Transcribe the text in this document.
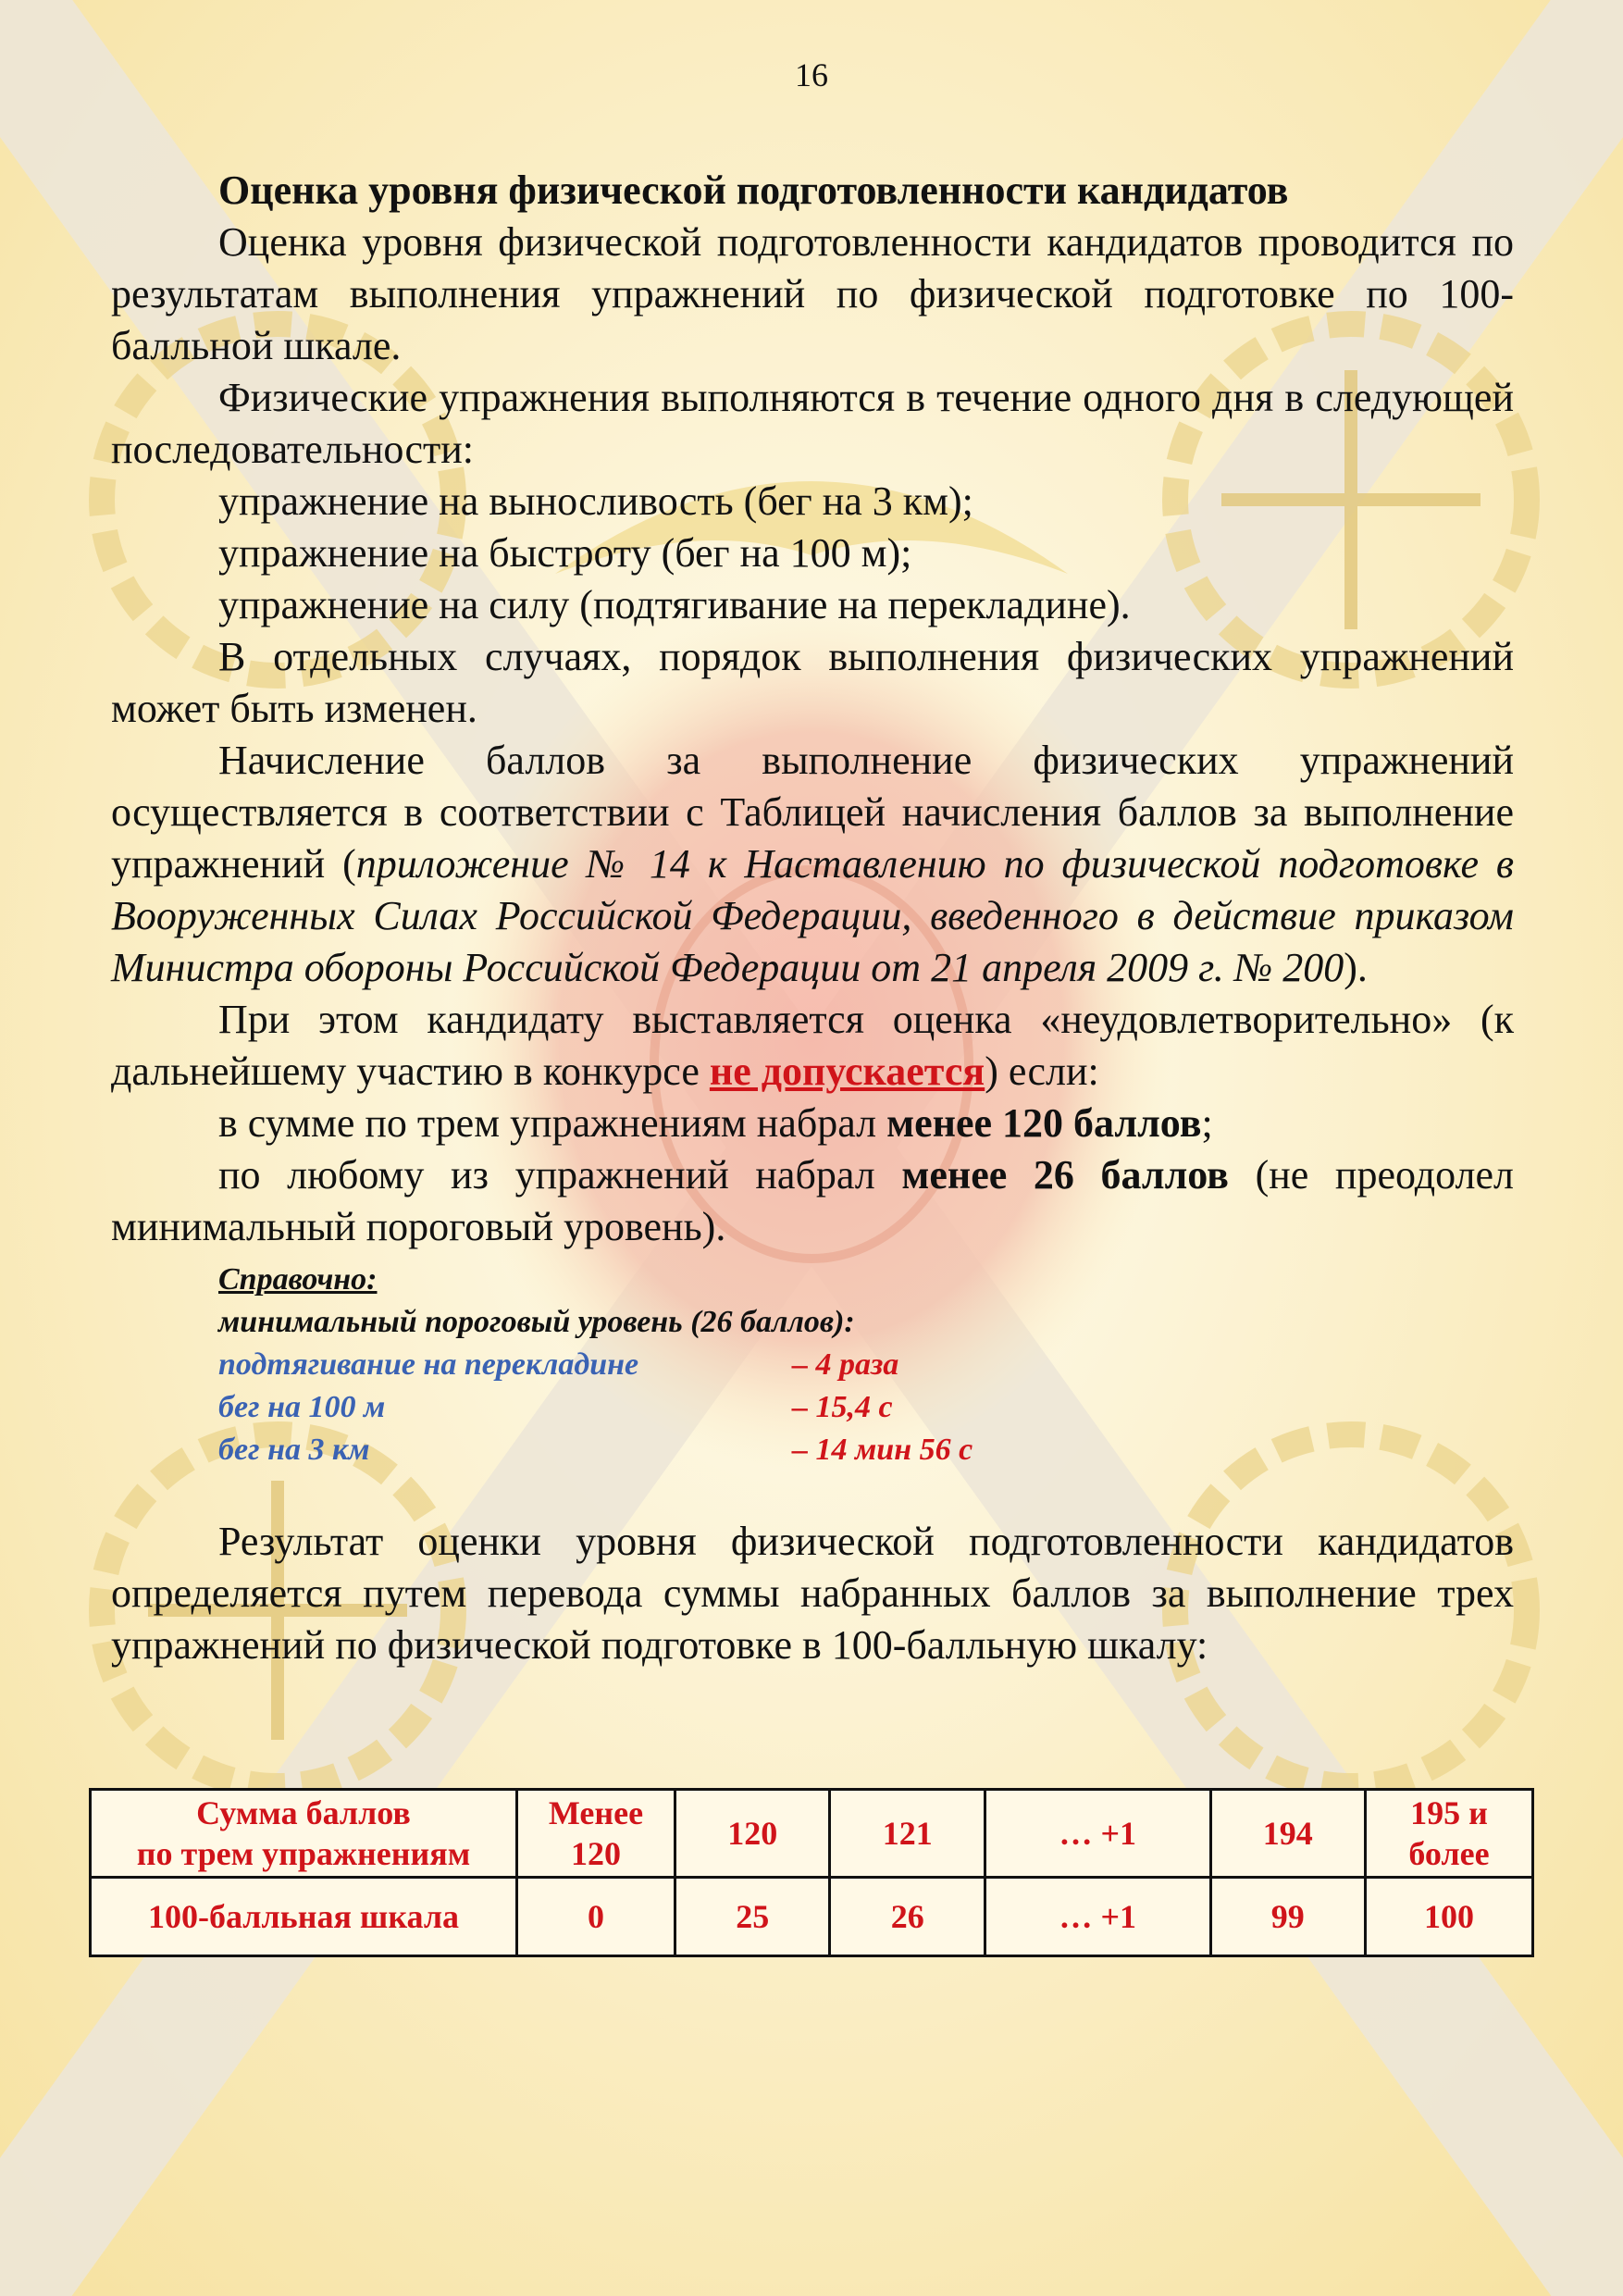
16

Оценка уровня физической подготовленности кандидатов

Оценка уровня физической подготовленности кандидатов проводится по результатам выполнения упражнений по физической подготовке по 100-балльной шкале.

Физические упражнения выполняются в течение одного дня в следующей последовательности:

упражнение на выносливость (бег на 3 км);

упражнение на быстроту (бег на 100 м);

упражнение на силу (подтягивание на перекладине).

В отдельных случаях, порядок выполнения физических упражнений может быть изменен.

Начисление баллов за выполнение физических упражнений осуществляется в соответствии с Таблицей начисления баллов за выполнение упражнений (приложение № 14 к Наставлению по физической подготовке в Вооруженных Силах Российской Федерации, введенного в действие приказом Министра обороны Российской Федерации от 21 апреля 2009 г. № 200).

При этом кандидату выставляется оценка «неудовлетворительно» (к дальнейшему участию в конкурсе не допускается) если:

в сумме по трем упражнениям набрал менее 120 баллов;

по любому из упражнений набрал менее 26 баллов (не преодолел минимальный пороговый уровень).

Справочно:
минимальный пороговый уровень (26 баллов):
подтягивание на перекладине	– 4 раза
бег на 100 м	– 15,4 с
бег на 3 км	– 14 мин 56 с

Результат оценки уровня физической подготовленности кандидатов определяется путем перевода суммы набранных баллов за выполнение трех упражнений по физической подготовке в 100-балльную шкалу:

Сумма баллов
по трем упражнениям	Менее 120	120	121	… +1	194	195 и более
100-балльная шкала	0	25	26	… +1	99	100
